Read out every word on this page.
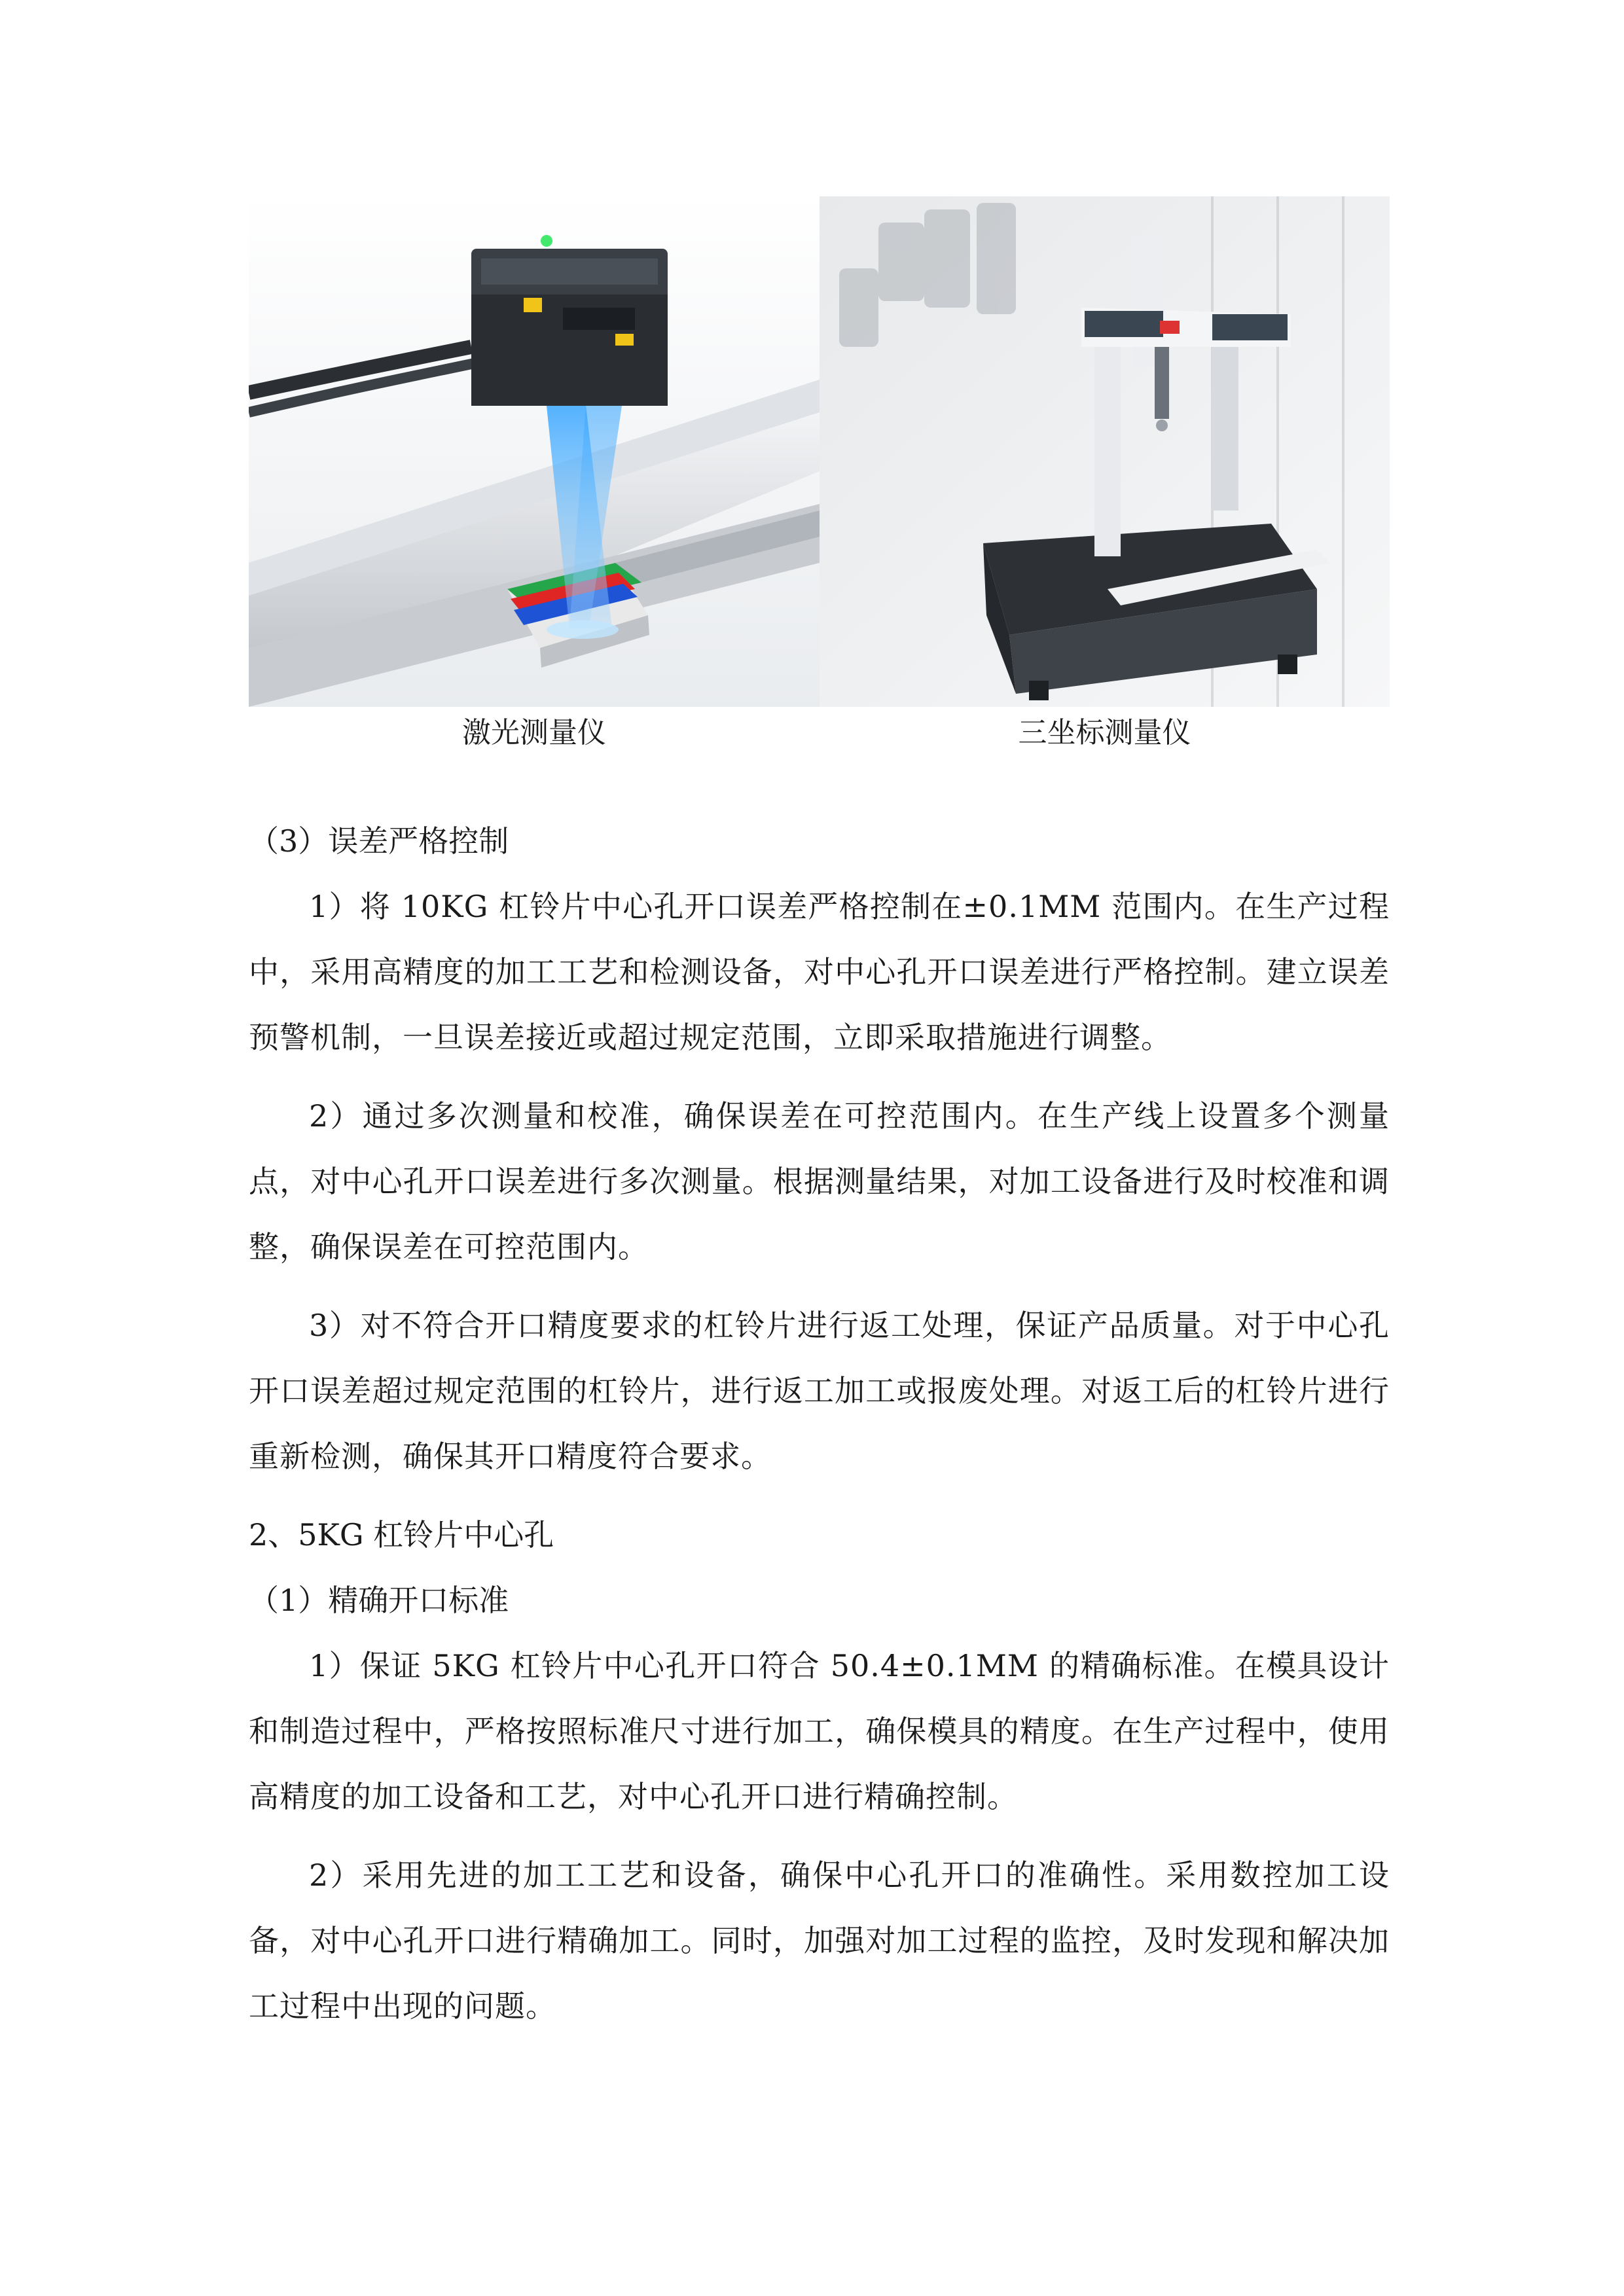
激光测量仪	三坐标测量仪

（3）误差严格控制

1）将 10KG 杠铃片中心孔开口误差严格控制在±0.1MM 范围内。在生产过程中，采用高精度的加工工艺和检测设备，对中心孔开口误差进行严格控制。建立误差预警机制，一旦误差接近或超过规定范围，立即采取措施进行调整。

2）通过多次测量和校准，确保误差在可控范围内。在生产线上设置多个测量点，对中心孔开口误差进行多次测量。根据测量结果，对加工设备进行及时校准和调整，确保误差在可控范围内。

3）对不符合开口精度要求的杠铃片进行返工处理，保证产品质量。对于中心孔开口误差超过规定范围的杠铃片，进行返工加工或报废处理。对返工后的杠铃片进行重新检测，确保其开口精度符合要求。

2、5KG 杠铃片中心孔

（1）精确开口标准

1）保证 5KG 杠铃片中心孔开口符合 50.4±0.1MM 的精确标准。在模具设计和制造过程中，严格按照标准尺寸进行加工，确保模具的精度。在生产过程中，使用高精度的加工设备和工艺，对中心孔开口进行精确控制。

2）采用先进的加工工艺和设备，确保中心孔开口的准确性。采用数控加工设备，对中心孔开口进行精确加工。同时，加强对加工过程的监控，及时发现和解决加工过程中出现的问题。
